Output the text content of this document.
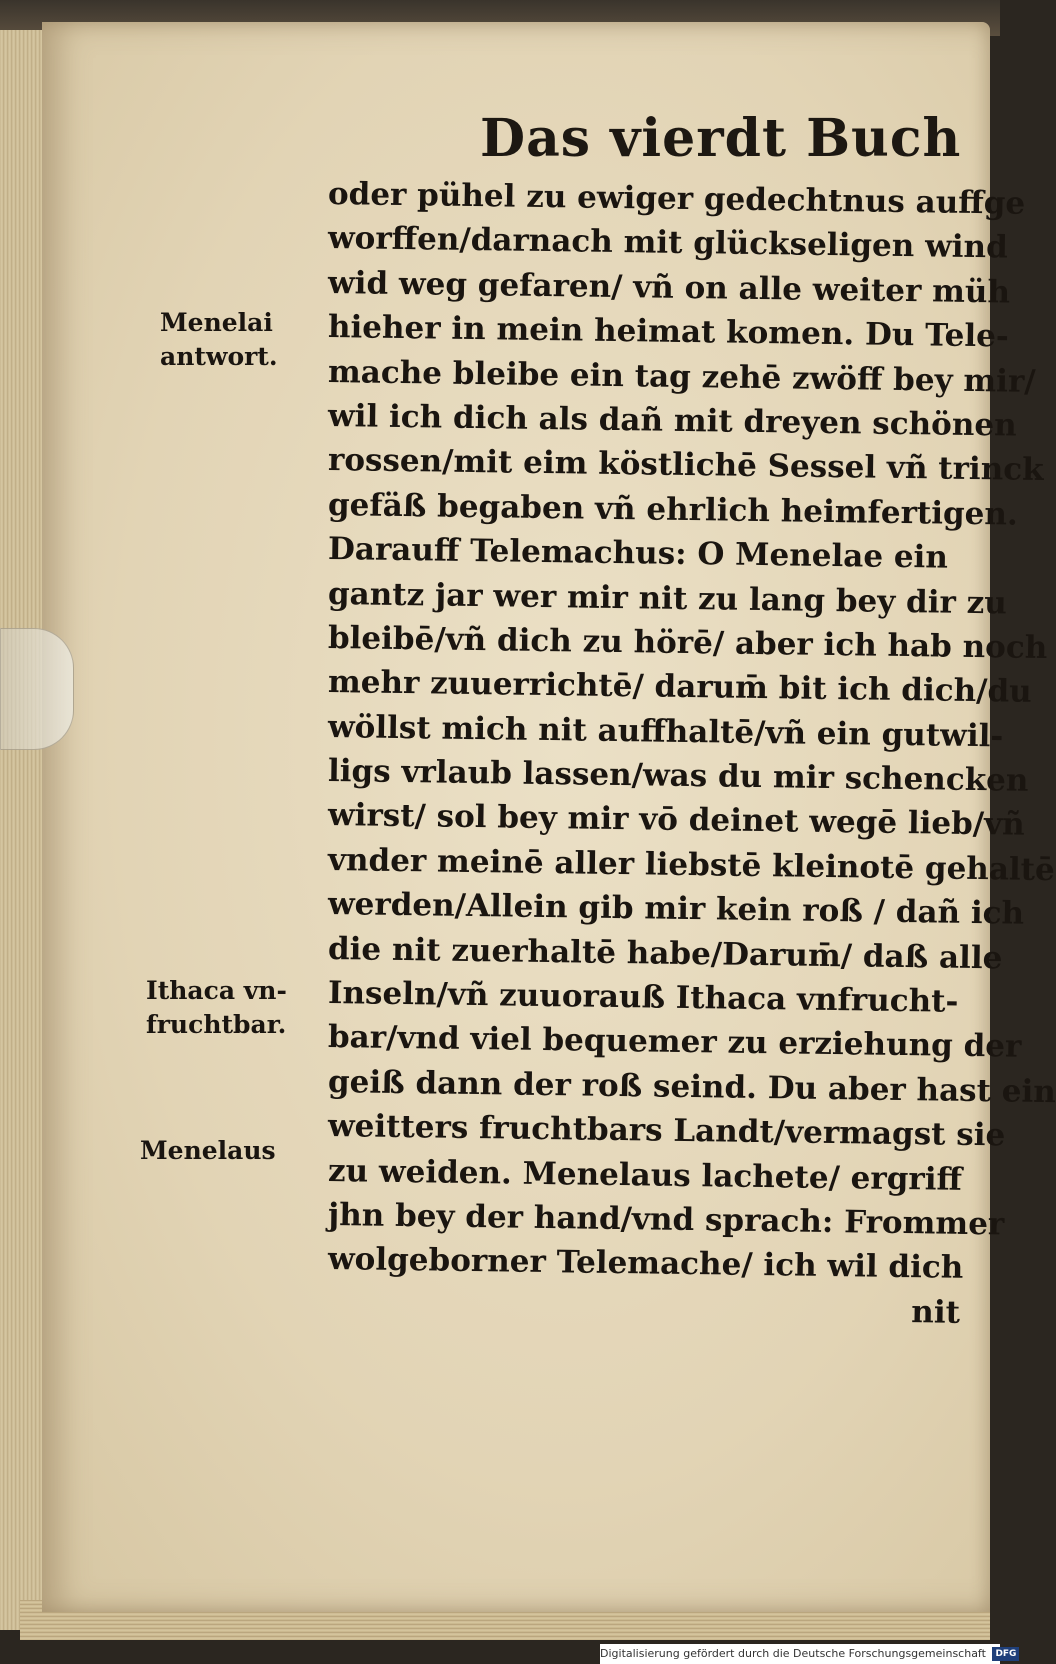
Das vierdt Buch
oder pühel zu ewiger gedechtnus auffge
worffen/darnach mit glückseligen wind
wid weg gefaren/ vñ on alle weiter müh
hieher in mein heimat komen. Du Tele-
mache bleibe ein tag zehē zwöff bey mir/
wil ich dich als dañ mit dreyen schönen
rossen/mit eim köstlichē Sessel vñ trinck
gefäß begaben vñ ehrlich heimfertigen.
Darauff Telemachus: O Menelae ein
gantz jar wer mir nit zu lang bey dir zu
bleibē/vñ dich zu hörē/ aber ich hab noch
mehr zuuerrichtē/ darum̄ bit ich dich/du
wöllst mich nit auffhaltē/vñ ein gutwil-
ligs vrlaub lassen/was du mir schencken
wirst/ sol bey mir vō deinet wegē lieb/vñ
vnder meinē aller liebstē kleinotē gehaltē
werden/Allein gib mir kein roß / dañ ich
die nit zuerhaltē habe/Darum̄/ daß alle
Inseln/vñ zuuorauß Ithaca vnfrucht-
bar/vnd viel bequemer zu erziehung der
geiß dann der roß seind. Du aber hast ein
weitters fruchtbars Landt/vermagst sie
zu weiden. Menelaus lachete/ ergriff
jhn bey der hand/vnd sprach: Frommer
wolgeborner Telemache/ ich wil dich
nit
Menelai
antwort.
Ithaca vn-
fruchtbar.
Menelaus
Digitalisierung gefördert durch die Deutsche Forschungsgemeinschaft DFG
